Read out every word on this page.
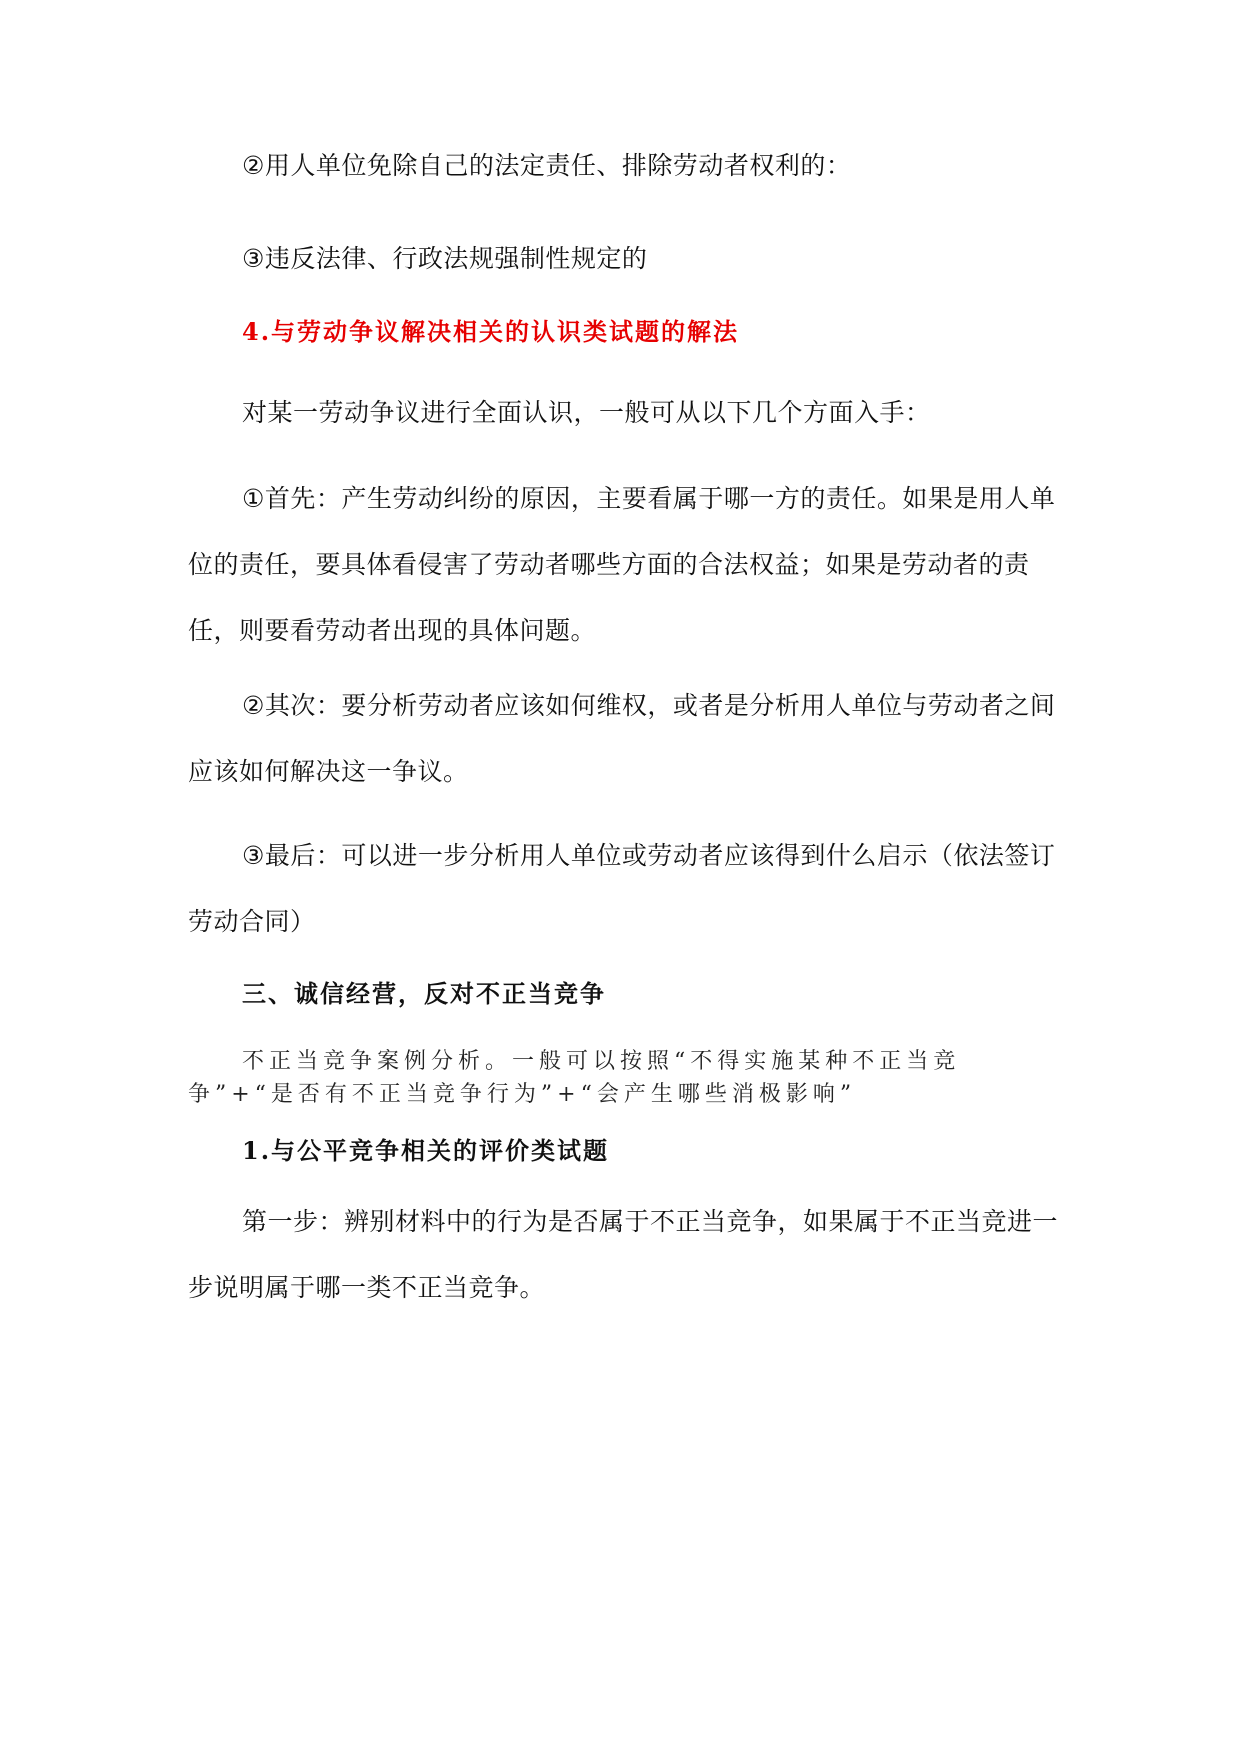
②用人单位免除自己的法定责任、排除劳动者权利的：

③违反法律、行政法规强制性规定的

4.与劳动争议解决相关的认识类试题的解法

对某一劳动争议进行全面认识，一般可从以下几个方面入手：

①首先：产生劳动纠纷的原因，主要看属于哪一方的责任。如果是用人单位的责任，要具体看侵害了劳动者哪些方面的合法权益；如果是劳动者的责任，则要看劳动者出现的具体问题。

②其次：要分析劳动者应该如何维权，或者是分析用人单位与劳动者之间应该如何解决这一争议。

③最后：可以进一步分析用人单位或劳动者应该得到什么启示（依法签订劳动合同）

三、诚信经营，反对不正当竞争

不正当竞争案例分析。一般可以按照“不得实施某种不正当竞争”+“是否有不正当竞争行为”+“会产生哪些消极影响”

1.与公平竞争相关的评价类试题

第一步：辨别材料中的行为是否属于不正当竞争，如果属于不正当竞进一步说明属于哪一类不正当竞争。
